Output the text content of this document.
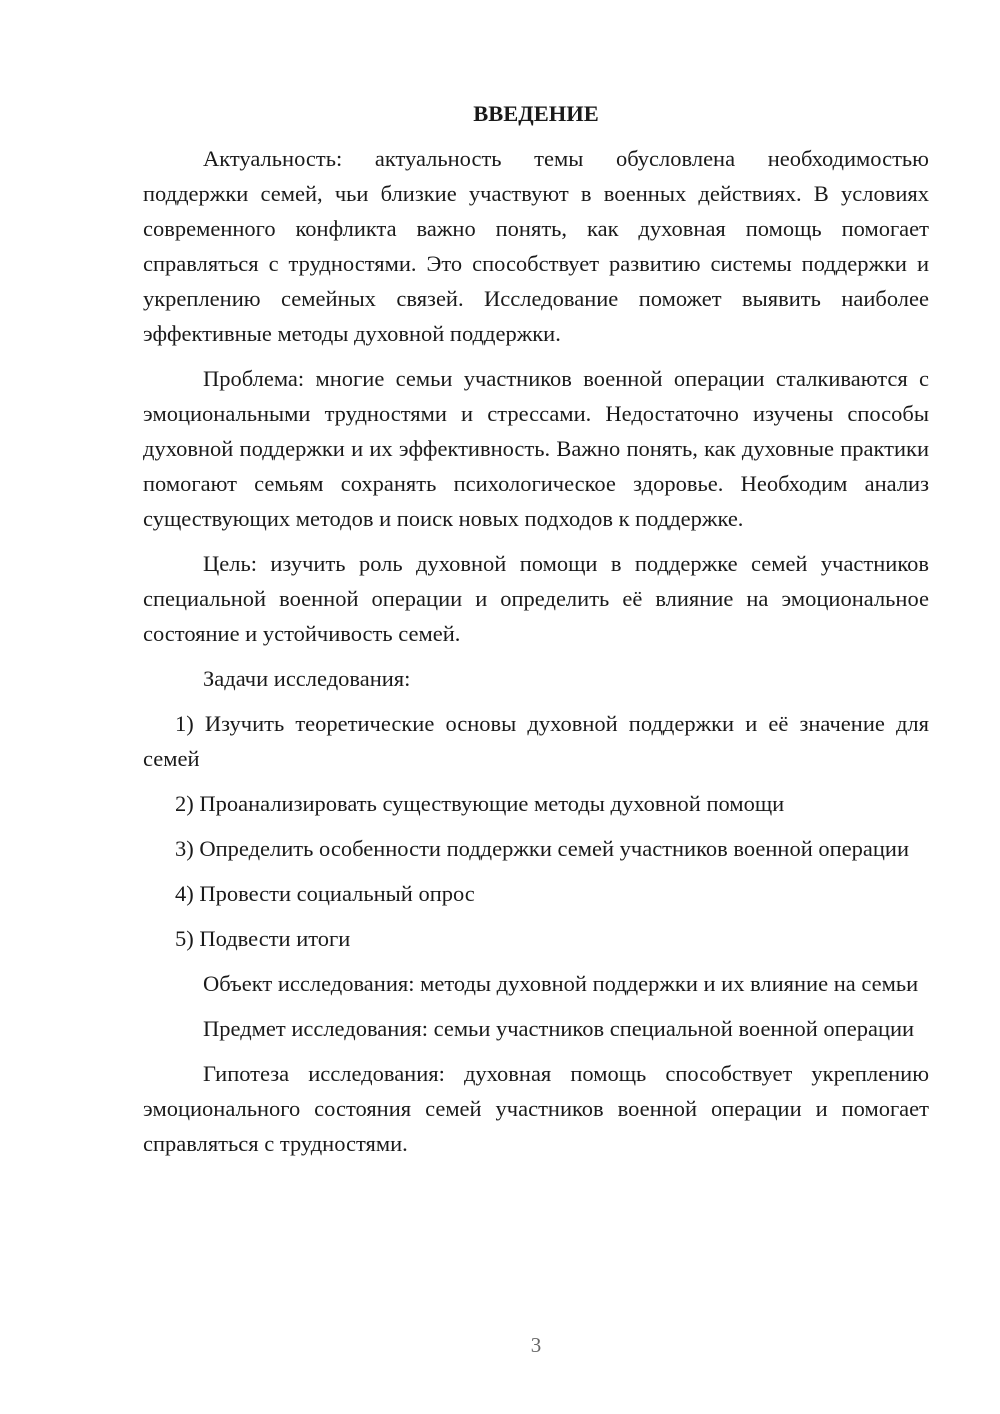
ВВЕДЕНИЕ

Актуальность: актуальность темы обусловлена необходимостью поддержки семей, чьи близкие участвуют в военных действиях. В условиях современного конфликта важно понять, как духовная помощь помогает справляться с трудностями. Это способствует развитию системы поддержки и укреплению семейных связей. Исследование поможет выявить наиболее эффективные методы духовной поддержки.

Проблема: многие семьи участников военной операции сталкиваются с эмоциональными трудностями и стрессами. Недостаточно изучены способы духовной поддержки и их эффективность. Важно понять, как духовные практики помогают семьям сохранять психологическое здоровье. Необходим анализ существующих методов и поиск новых подходов к поддержке.

Цель: изучить роль духовной помощи в поддержке семей участников специальной военной операции и определить её влияние на эмоциональное состояние и устойчивость семей.

Задачи исследования:

1) Изучить теоретические основы духовной поддержки и её значение для семей

2) Проанализировать существующие методы духовной помощи

3) Определить особенности поддержки семей участников военной операции

4) Провести социальный опрос

5) Подвести итоги

Объект исследования: методы духовной поддержки и их влияние на семьи

Предмет исследования: семьи участников специальной военной операции

Гипотеза исследования: духовная помощь способствует укреплению эмоционального состояния семей участников военной операции и помогает справляться с трудностями.

3
